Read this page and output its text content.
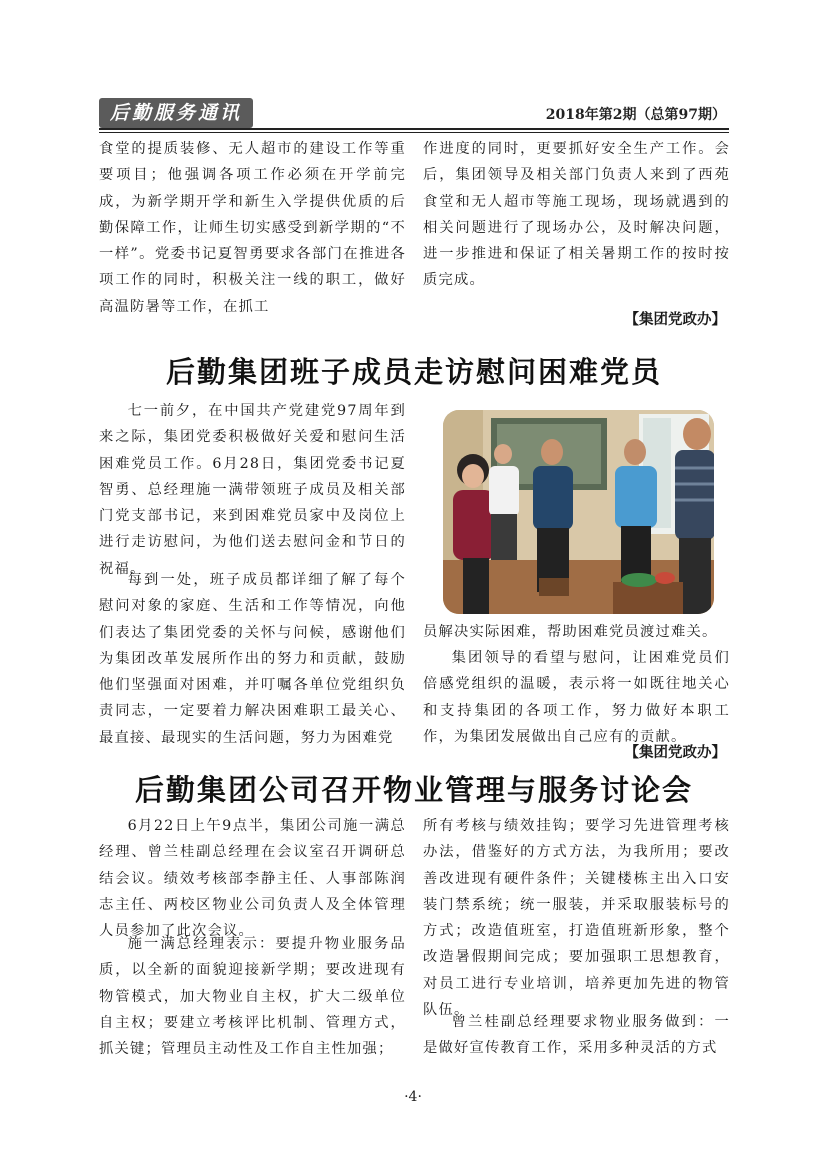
后勤服务通讯	2018年第2期（总第97期）

食堂的提质装修、无人超市的建设工作等重要项目；他强调各项工作必须在开学前完成，为新学期开学和新生入学提供优质的后勤保障工作，让师生切实感受到新学期的“不一样”。党委书记夏智勇要求各部门在推进各项工作的同时，积极关注一线的职工，做好高温防暑等工作，在抓工

作进度的同时，更要抓好安全生产工作。会后，集团领导及相关部门负责人来到了西苑食堂和无人超市等施工现场，现场就遇到的相关问题进行了现场办公，及时解决问题，进一步推进和保证了相关暑期工作的按时按质完成。

【集团党政办】
后勤集团班子成员走访慰问困难党员

七一前夕，在中国共产党建党97周年到来之际，集团党委积极做好关爱和慰问生活困难党员工作。6月28日，集团党委书记夏智勇、总经理施一满带领班子成员及相关部门党支部书记，来到困难党员家中及岗位上进行走访慰问，为他们送去慰问金和节日的祝福。

每到一处，班子成员都详细了解了每个慰问对象的家庭、生活和工作等情况，向他们表达了集团党委的关怀与问候，感谢他们为集团改革发展所作出的努力和贡献，鼓励他们坚强面对困难，并叮嘱各单位党组织负责同志，一定要着力解决困难职工最关心、最直接、最现实的生活问题，努力为困难党

员解决实际困难，帮助困难党员渡过难关。

集团领导的看望与慰问，让困难党员们倍感党组织的温暖，表示将一如既往地关心和支持集团的各项工作，努力做好本职工作，为集团发展做出自己应有的贡献。

【集团党政办】
后勤集团公司召开物业管理与服务讨论会

6月22日上午9点半，集团公司施一满总经理、曾兰桂副总经理在会议室召开调研总结会议。绩效考核部李静主任、人事部陈润志主任、两校区物业公司负责人及全体管理人员参加了此次会议。

施一满总经理表示：要提升物业服务品质，以全新的面貌迎接新学期；要改进现有物管模式，加大物业自主权，扩大二级单位自主权；要建立考核评比机制、管理方式，抓关键；管理员主动性及工作自主性加强；

所有考核与绩效挂钩；要学习先进管理考核办法，借鉴好的方式方法，为我所用；要改善改进现有硬件条件；关键楼栋主出入口安装门禁系统；统一服装，并采取服装标号的方式；改造值班室，打造值班新形象，整个改造暑假期间完成；要加强职工思想教育，对员工进行专业培训，培养更加先进的物管队伍。

曾兰桂副总经理要求物业服务做到：一是做好宣传教育工作，采用多种灵活的方式

·4·
